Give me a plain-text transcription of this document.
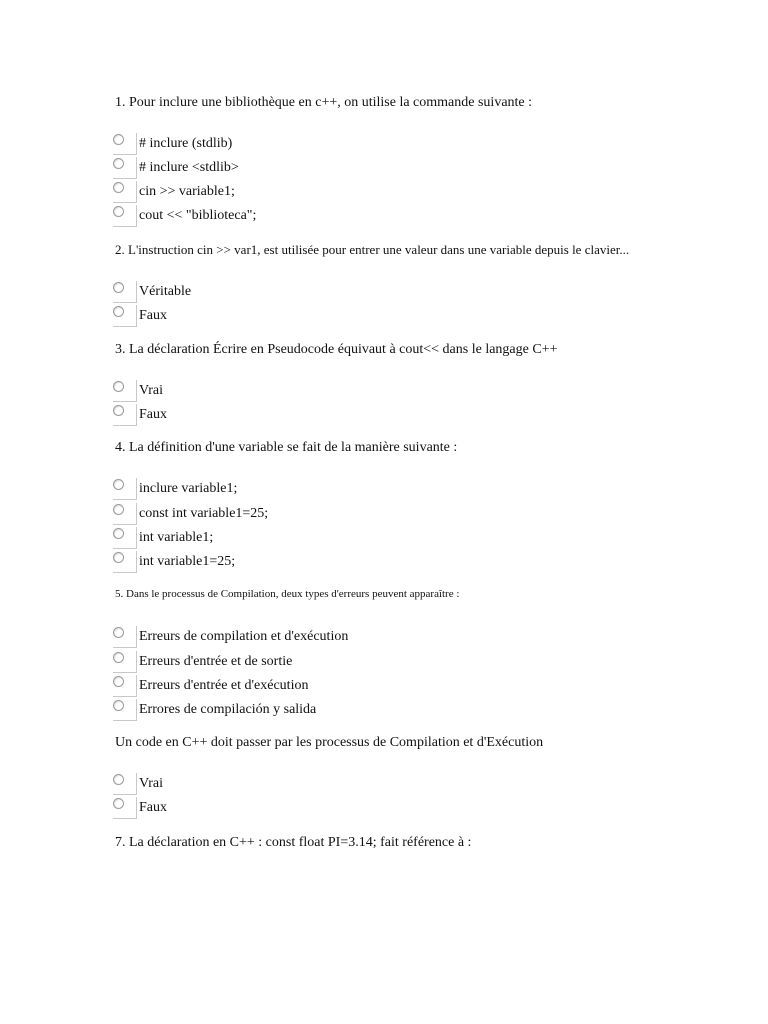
1. Pour inclure une bibliothèque en c++, on utilise la commande suivante :
# inclure (stdlib)
# inclure <stdlib>
cin >> variable1;
cout << "biblioteca";
2. L'instruction cin >> var1, est utilisée pour entrer une valeur dans une variable depuis le clavier...
Véritable
Faux
3. La déclaration Écrire en Pseudocode équivaut à cout<< dans le langage C++
Vrai
Faux
4. La définition d'une variable se fait de la manière suivante :
inclure variable1;
const int variable1=25;
int variable1;
int variable1=25;
5. Dans le processus de Compilation, deux types d'erreurs peuvent apparaître :
Erreurs de compilation et d'exécution
Erreurs d'entrée et de sortie
Erreurs d'entrée et d'exécution
Errores de compilación y salida
Un code en C++ doit passer par les processus de Compilation et d'Exécution
Vrai
Faux
7. La déclaration en C++ : const float PI=3.14; fait référence à :
